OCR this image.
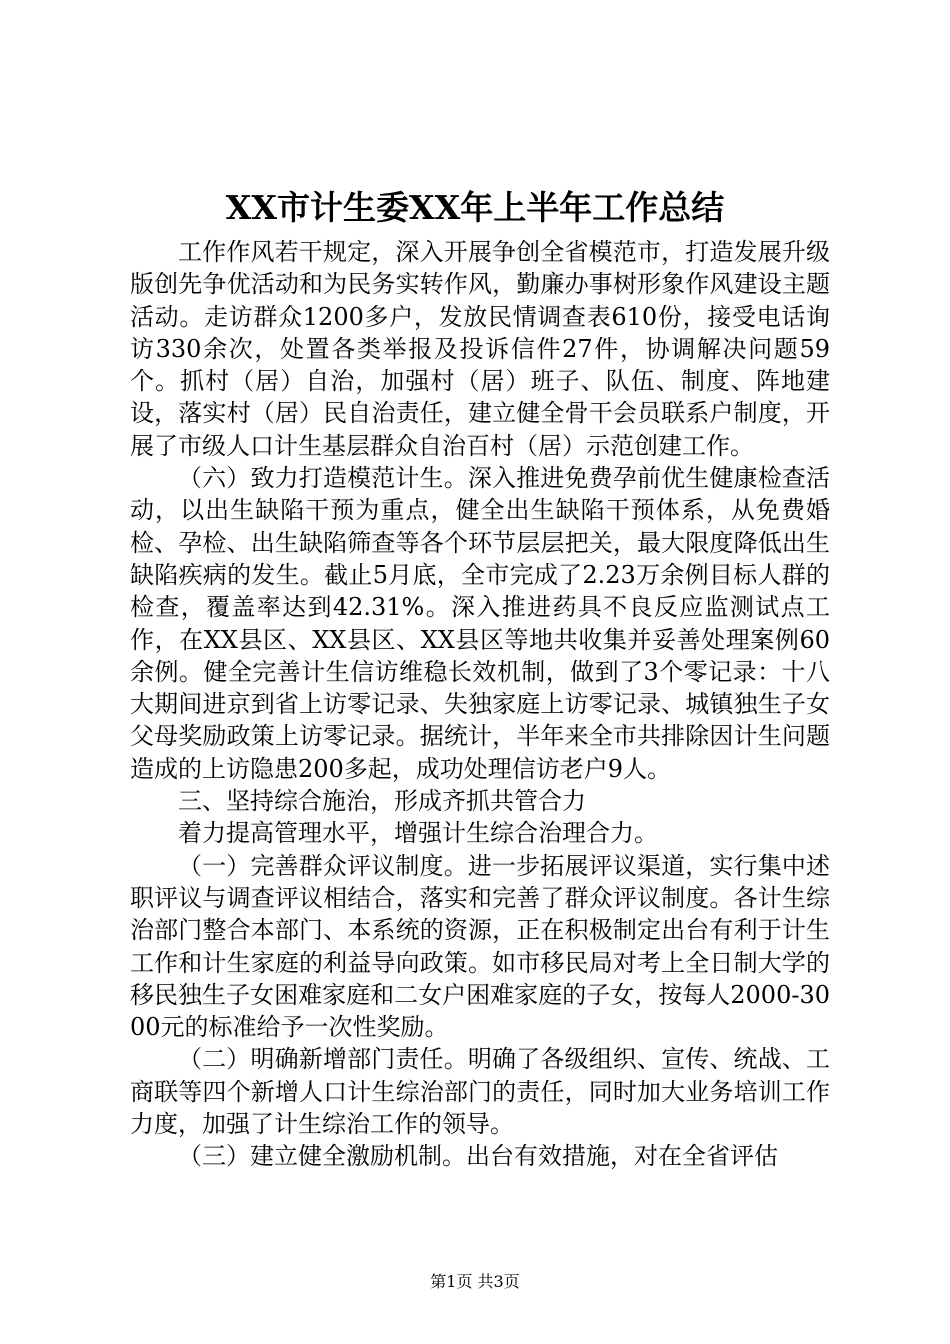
XX市计生委XX年上半年工作总结

工作作风若干规定，深入开展争创全省模范市，打造发展升级版创先争优活动和为民务实转作风，勤廉办事树形象作风建设主题活动。走访群众1200多户，发放民情调查表610份，接受电话询访330余次，处置各类举报及投诉信件27件，协调解决问题59个。抓村（居）自治，加强村（居）班子、队伍、制度、阵地建设，落实村（居）民自治责任，建立健全骨干会员联系户制度，开展了市级人口计生基层群众自治百村（居）示范创建工作。

（六）致力打造模范计生。深入推进免费孕前优生健康检查活动，以出生缺陷干预为重点，健全出生缺陷干预体系，从免费婚检、孕检、出生缺陷筛查等各个环节层层把关，最大限度降低出生缺陷疾病的发生。截止5月底，全市完成了2.23万余例目标人群的检查，覆盖率达到42.31%。深入推进药具不良反应监测试点工作，在XX县区、XX县区、XX县区等地共收集并妥善处理案例60余例。健全完善计生信访维稳长效机制，做到了3个零记录：十八大期间进京到省上访零记录、失独家庭上访零记录、城镇独生子女父母奖励政策上访零记录。据统计，半年来全市共排除因计生问题造成的上访隐患200多起，成功处理信访老户9人。

三、坚持综合施治，形成齐抓共管合力

着力提高管理水平，增强计生综合治理合力。

（一）完善群众评议制度。进一步拓展评议渠道，实行集中述职评议与调查评议相结合，落实和完善了群众评议制度。各计生综治部门整合本部门、本系统的资源，正在积极制定出台有利于计生工作和计生家庭的利益导向政策。如市移民局对考上全日制大学的移民独生子女困难家庭和二女户困难家庭的子女，按每人2000-3000元的标准给予一次性奖励。

（二）明确新增部门责任。明确了各级组织、宣传、统战、工商联等四个新增人口计生综治部门的责任，同时加大业务培训工作力度，加强了计生综治工作的领导。

（三）建立健全激励机制。出台有效措施，对在全省评估

第1页 共3页
